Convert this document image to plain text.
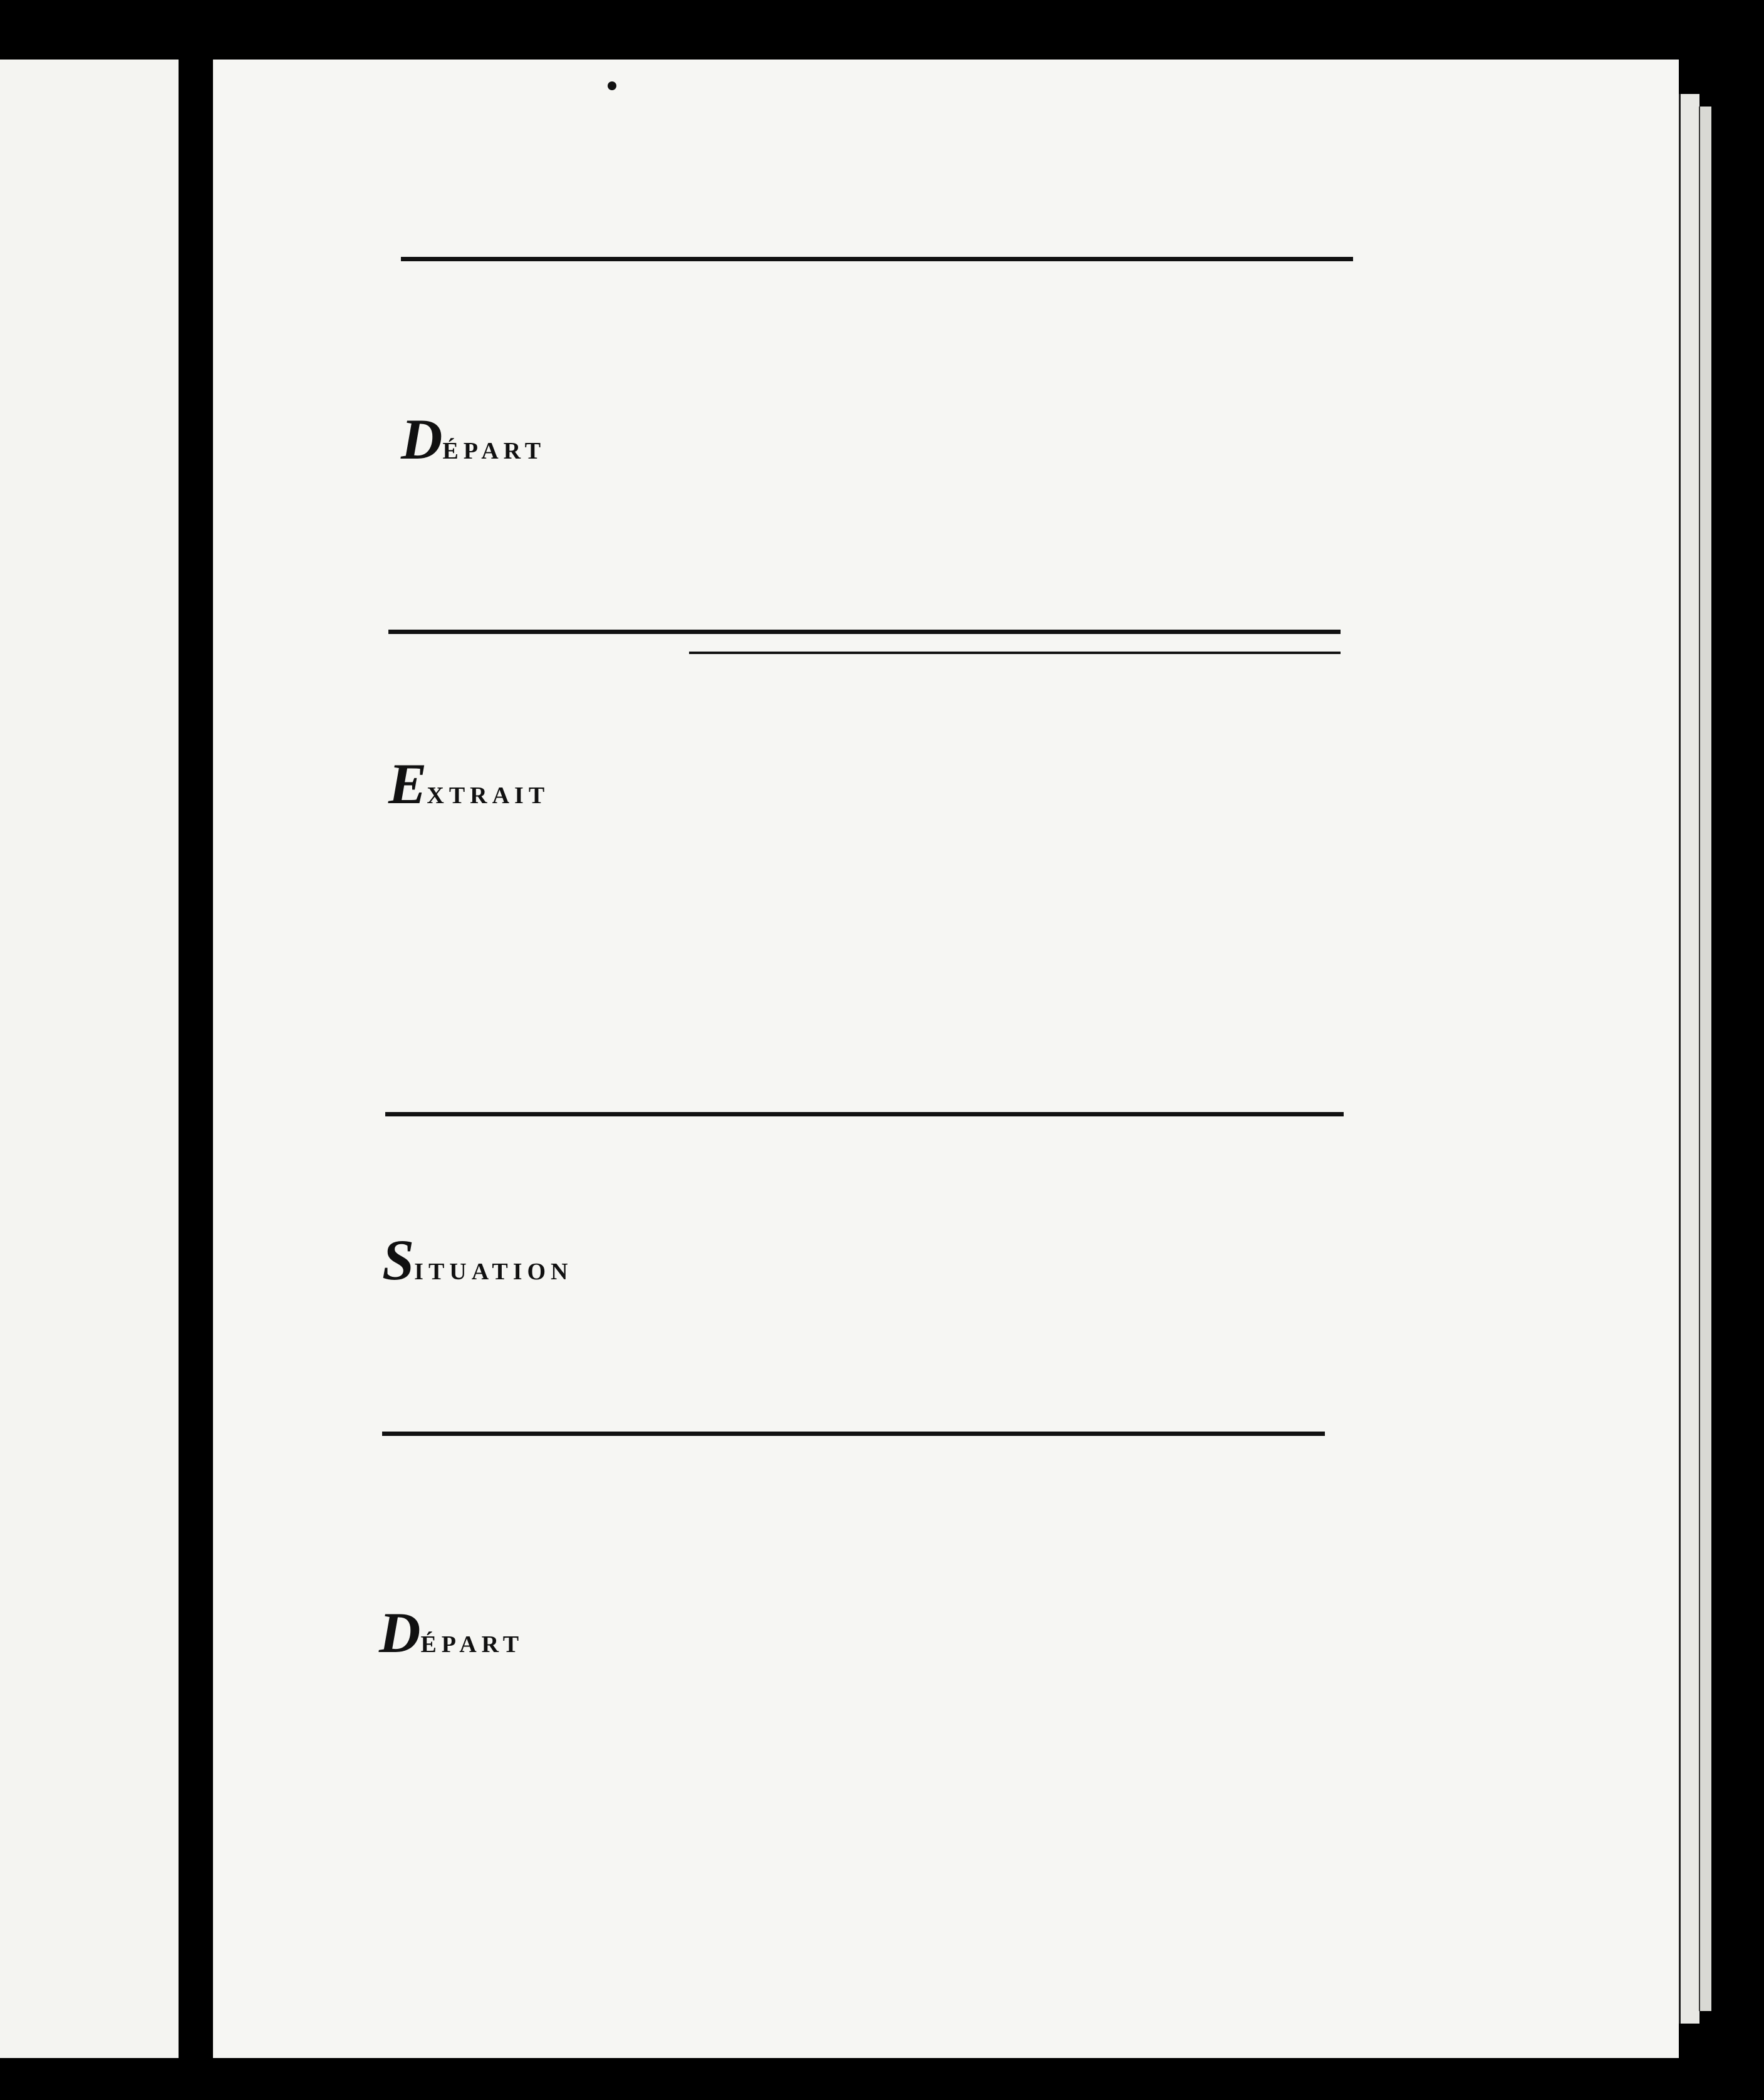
DÉPART
EXTRAIT
SITUATION
DÉPART
